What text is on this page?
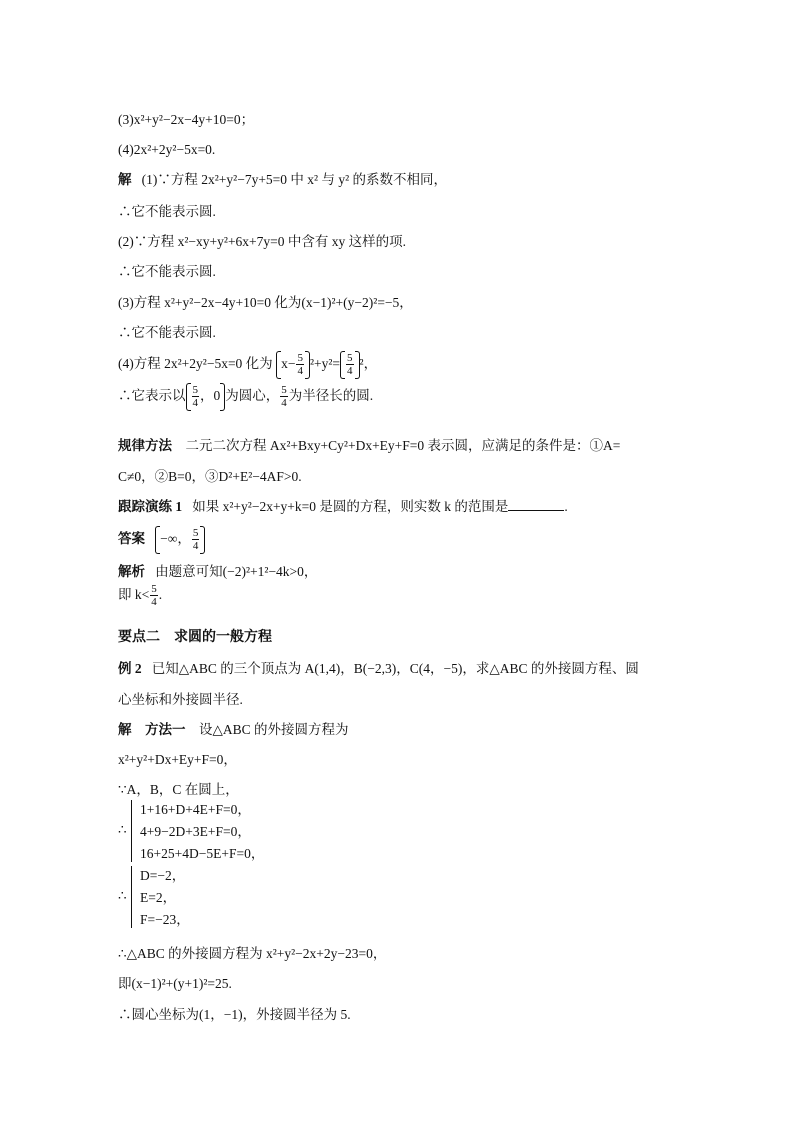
(3)x²+y²−2x−4y+10=0；
(4)2x²+2y²−5x=0.
解 (1)∵方程 2x²+y²−7y+5=0 中 x² 与 y² 的系数不相同，
∴它不能表示圆.
(2)∵方程 x²−xy+y²+6x+7y=0 中含有 xy 这样的项.
∴它不能表示圆.
(3)方程 x²+y²−2x−4y+10=0 化为(x−1)²+(y−2)²=−5，
∴它不能表示圆.
(4)方程 2x²+2y²−5x=0 化为 $x- \frac{5}{4} ^2+y^2= \frac{5}{4} ^2$，
∴它表示以 $\frac{5}{4}$ ，0 为圆心， $\frac{5}{4}$ 为半径长的圆.
规律方法 二元二次方程 Ax²+Bxy+Cy²+Dx+Ey+F=0 表示圆，应满足的条件是：①A=
C≠0，②B=0，③D²+E²−4AF>0.
跟踪演练 1 如果 x²+y²−2x+y+k=0 是圆的方程，则实数 k 的范围是	.
答案 −∞， $\frac{5}{4}$
解析 由题意可知(−2)²+1²−4k>0，
即 $k< \frac{5}{4}$ .
要点二　求圆的一般方程
例 2 已知△ABC 的三个顶点为 A(1,4)，B(−2,3)，C(4，−5)，求△ABC 的外接圆方程、圆
心坐标和外接圆半径.
解　方法一 设△ABC 的外接圆方程为
x²+y²+Dx+Ey+F=0，
∵A，B，C 在圆上，
∴
1+16+D+4E+F=0，
4+9−2D+3E+F=0，
16+25+4D−5E+F=0，
∴
D=−2，
E=2，
F=−23，
∴△ABC 的外接圆方程为 x²+y²−2x+2y−23=0，
即(x−1)²+(y+1)²=25.
∴圆心坐标为(1，−1)，外接圆半径为 5.
